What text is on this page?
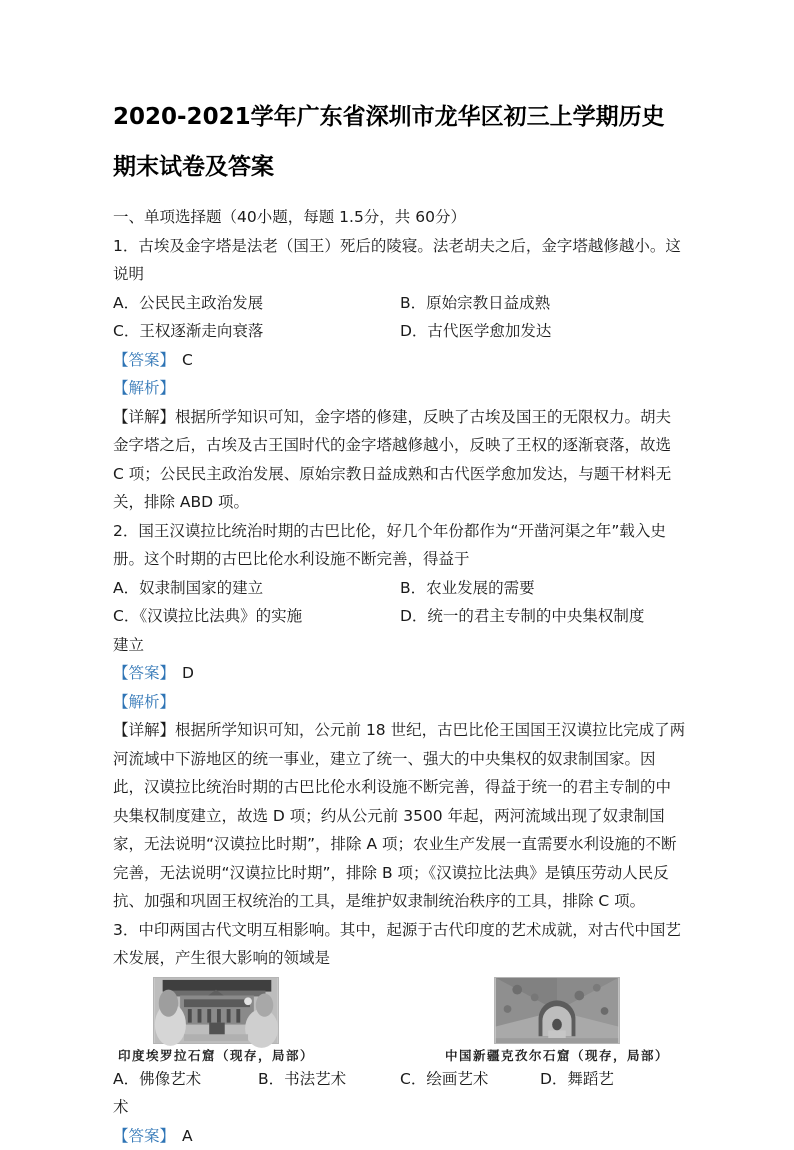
2020-2021学年广东省深圳市龙华区初三上学期历史期末试卷及答案

一、单项选择题（40小题，每题 1.5分，共 60分）

1．古埃及金字塔是法老（国王）死后的陵寝。法老胡夫之后，金字塔越修越小。这说明

A．公民民主政治发展	B．原始宗教日益成熟

C．王权逐渐走向衰落	D．古代医学愈加发达

【答案】 C

【解析】

【详解】根据所学知识可知，金字塔的修建，反映了古埃及国王的无限权力。胡夫金字塔之后，古埃及古王国时代的金字塔越修越小，反映了王权的逐渐衰落，故选 C 项；公民民主政治发展、原始宗教日益成熟和古代医学愈加发达，与题干材料无关，排除 ABD 项。

2．国王汉谟拉比统治时期的古巴比伦，好几个年份都作为“开凿河渠之年”载入史册。这个时期的古巴比伦水利设施不断完善，得益于

A．奴隶制国家的建立	B．农业发展的需要

C．《汉谟拉比法典》的实施	D．统一的君主专制的中央集权制度

建立

【答案】 D

【解析】

【详解】根据所学知识可知，公元前 18 世纪，古巴比伦王国国王汉谟拉比完成了两河流域中下游地区的统一事业，建立了统一、强大的中央集权的奴隶制国家。因此，汉谟拉比统治时期的古巴比伦水利设施不断完善，得益于统一的君主专制的中央集权制度建立，故选 D 项；约从公元前 3500 年起，两河流域出现了奴隶制国家，无法说明“汉谟拉比时期”，排除 A 项；农业生产发展一直需要水利设施的不断完善，无法说明“汉谟拉比时期”，排除 B 项；《汉谟拉比法典》是镇压劳动人民反抗、加强和巩固王权统治的工具，是维护奴隶制统治秩序的工具，排除 C 项。

3．中印两国古代文明互相影响。其中，起源于古代印度的艺术成就，对古代中国艺术发展，产生很大影响的领域是

印度埃罗拉石窟（现存，局部）	中国新疆克孜尔石窟（现存，局部）

A．佛像艺术	B．书法艺术	C．绘画艺术	D．舞蹈艺

术

【答案】 A
